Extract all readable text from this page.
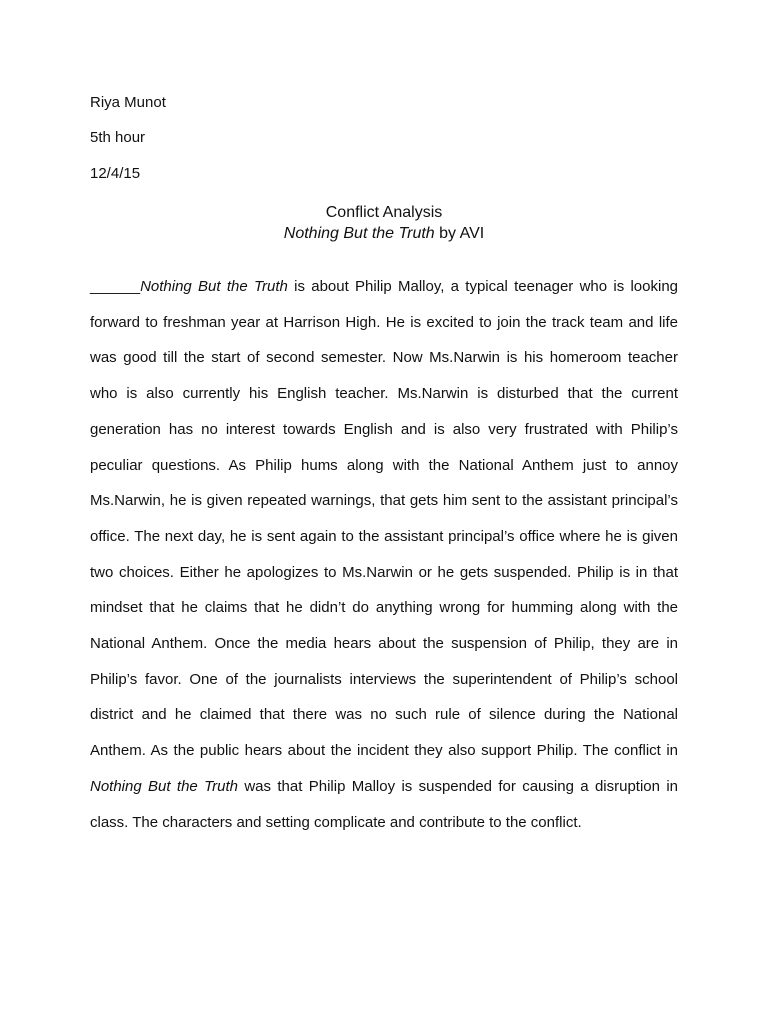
Riya Munot

5th hour

12/4/15

Conflict Analysis
Nothing But the Truth by AVI

______Nothing But the Truth is about Philip Malloy, a typical teenager who is looking forward to freshman year at Harrison High. He is excited to join the track team and life was good till the start of second semester. Now Ms.Narwin is his homeroom teacher who is also currently his English teacher. Ms.Narwin is disturbed that the current generation has no interest towards English and is also very frustrated with Philip’s peculiar questions. As Philip hums along with the National Anthem just to annoy Ms.Narwin, he is given repeated warnings, that gets him sent to the assistant principal’s office. The next day, he is sent again to the assistant principal’s office where he is given two choices. Either he apologizes to Ms.Narwin or he gets suspended. Philip is in that mindset that he claims that he didn’t do anything wrong for humming along with the National Anthem. Once the media hears about the suspension of Philip, they are in Philip’s favor. One of the journalists interviews the superintendent of Philip’s school district and he claimed that there was no such rule of silence during the National Anthem. As the public hears about the incident they also support Philip. The conflict in Nothing But the Truth was that Philip Malloy is suspended for causing a disruption in class. The characters and setting complicate and contribute to the conflict.
